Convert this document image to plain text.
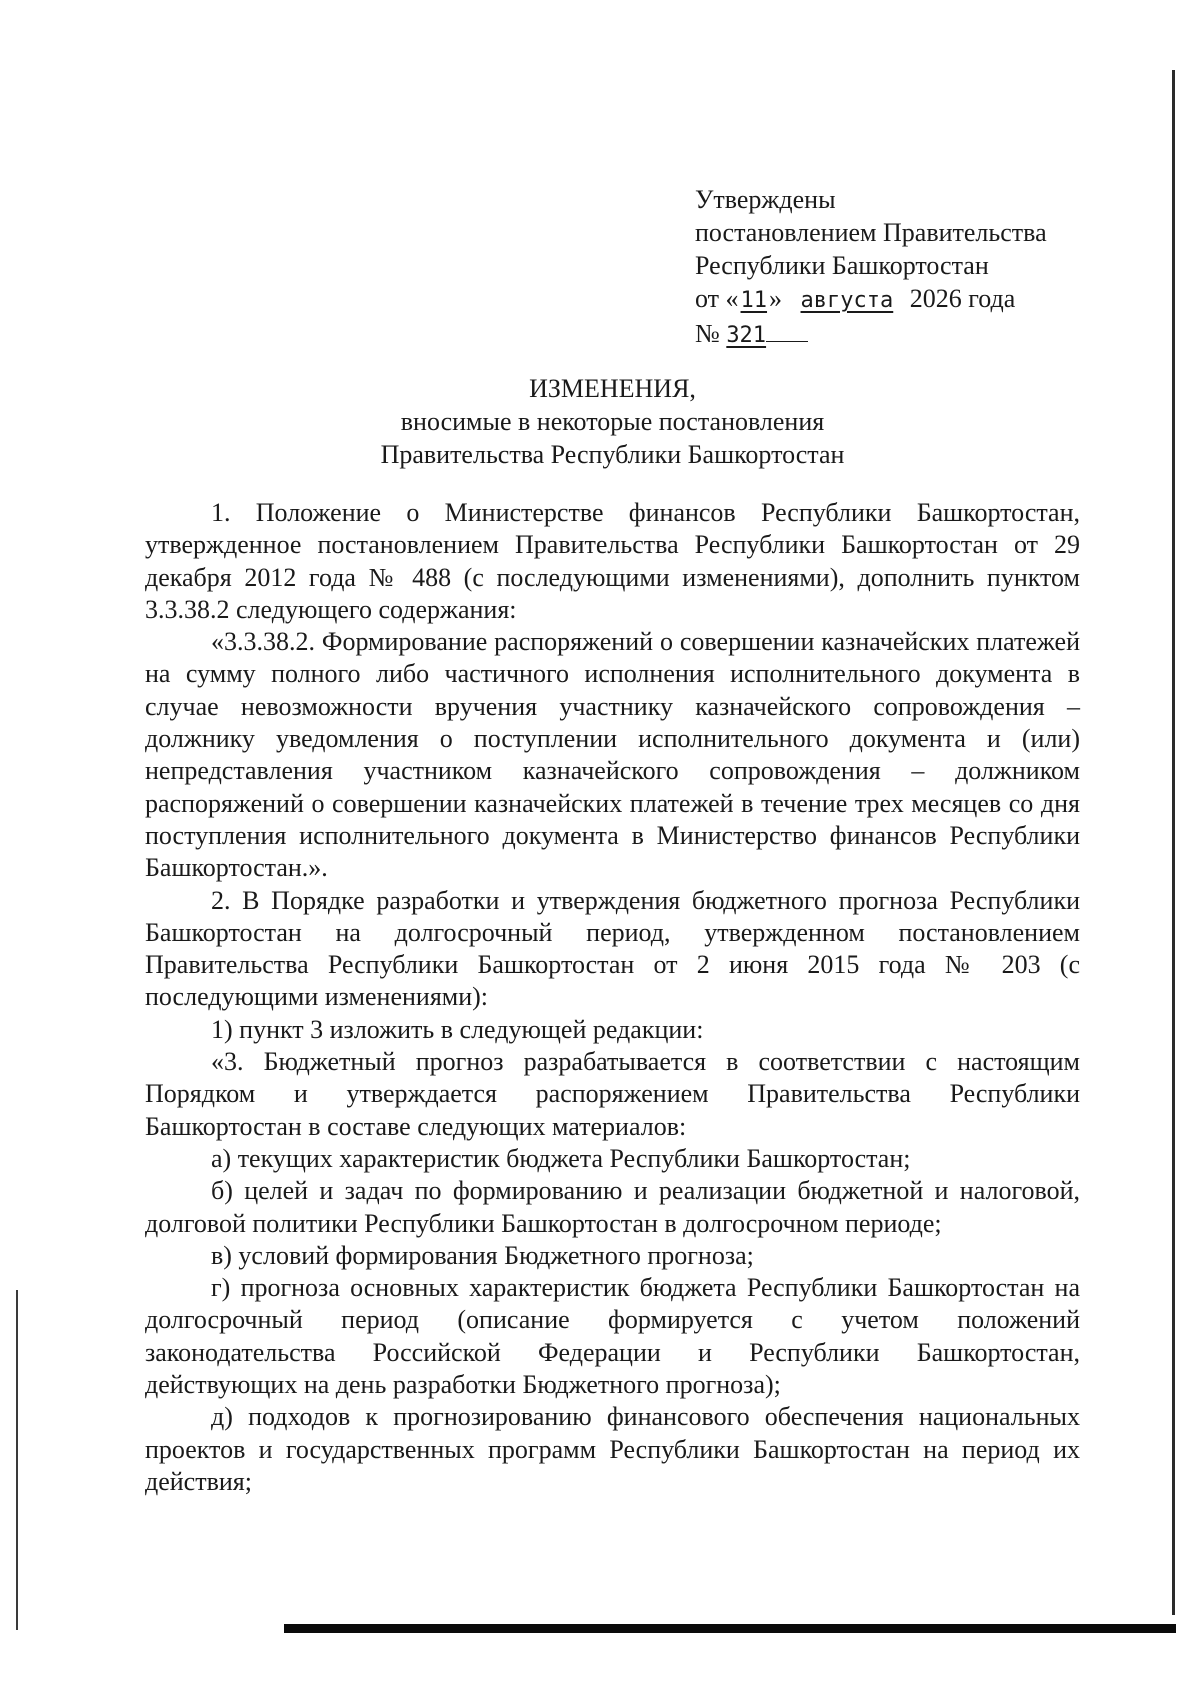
Утверждены
постановлением Правительства
Республики Башкортостан
от «11» августа 2026 года
№ 321
ИЗМЕНЕНИЯ,
вносимые в некоторые постановления
Правительства Республики Башкортостан

1. Положение о Министерстве финансов Республики Башкортостан, утвержденное постановлением Правительства Республики Башкортостан от 29 декабря 2012 года № 488 (с последующими изменениями), дополнить пунктом 3.3.38.2 следующего содержания:

«3.3.38.2. Формирование распоряжений о совершении казначейских платежей на сумму полного либо частичного исполнения исполнительного документа в случае невозможности вручения участнику казначейского сопровождения – должнику уведомления о поступлении исполнительного документа и (или) непредставления участником казначейского сопровождения – должником распоряжений о совершении казначейских платежей в течение трех месяцев со дня поступления исполнительного документа в Министерство финансов Республики Башкортостан.».

2. В Порядке разработки и утверждения бюджетного прогноза Республики Башкортостан на долгосрочный период, утвержденном постановлением Правительства Республики Башкортостан от 2 июня 2015 года № 203 (с последующими изменениями):

1) пункт 3 изложить в следующей редакции:

«3. Бюджетный прогноз разрабатывается в соответствии с настоящим Порядком и утверждается распоряжением Правительства Республики Башкортостан в составе следующих материалов:

а) текущих характеристик бюджета Республики Башкортостан;

б) целей и задач по формированию и реализации бюджетной и налоговой, долговой политики Республики Башкортостан в долгосрочном периоде;

в) условий формирования Бюджетного прогноза;

г) прогноза основных характеристик бюджета Республики Башкортостан на долгосрочный период (описание формируется с учетом положений законодательства Российской Федерации и Республики Башкортостан, действующих на день разработки Бюджетного прогноза);

д) подходов к прогнозированию финансового обеспечения национальных проектов и государственных программ Республики Башкортостан на период их действия;
